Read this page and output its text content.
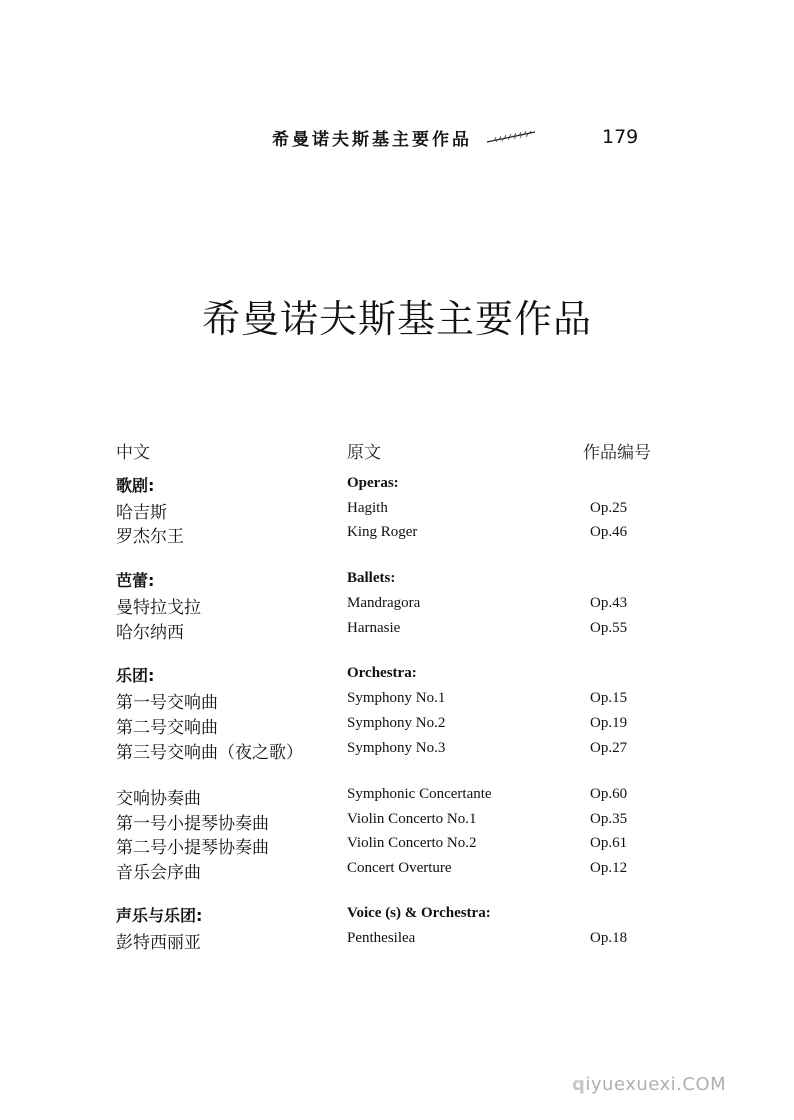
希曼诺夫斯基主要作品	179
希曼诺夫斯基主要作品
中文	原文	作品编号
歌剧:	Operas:
哈吉斯	Hagith	Op.25
罗杰尔王	King Roger	Op.46
芭蕾:	Ballets:
曼特拉戈拉	Mandragora	Op.43
哈尔纳西	Harnasie	Op.55
乐团:	Orchestra:
第一号交响曲	Symphony No.1	Op.15
第二号交响曲	Symphony No.2	Op.19
第三号交响曲（夜之歌）	Symphony No.3	Op.27
交响协奏曲	Symphonic Concertante	Op.60
第一号小提琴协奏曲	Violin Concerto No.1	Op.35
第二号小提琴协奏曲	Violin Concerto No.2	Op.61
音乐会序曲	Concert Overture	Op.12
声乐与乐团:	Voice (s) & Orchestra:
彭特西丽亚	Penthesilea	Op.18
qiyuexuexi.COM
